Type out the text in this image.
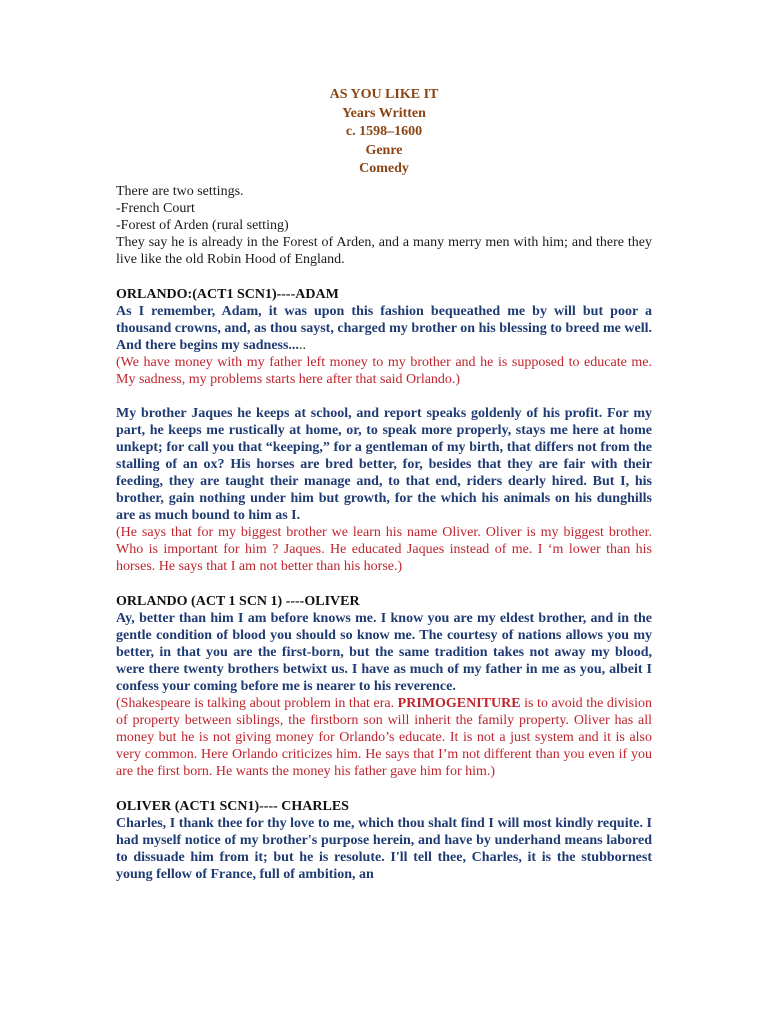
AS YOU LIKE IT
Years Written
c. 1598–1600
Genre
Comedy

There are two settings.

-French Court

-Forest of Arden (rural setting)

They say he is already in the Forest of Arden, and a many merry men with him; and there they live like the old Robin Hood of England.

ORLANDO:(ACT1 SCN1)----ADAM

As I remember, Adam, it was upon this fashion bequeathed me by will but poor a thousand crowns, and, as thou sayst, charged my brother on his blessing to breed me well. And there begins my sadness.....

(We have money with my father left money to my brother and he is supposed to educate me. My sadness, my problems starts here after that said Orlando.)

My brother Jaques he keeps at school, and report speaks goldenly of his profit. For my part, he keeps me rustically at home, or, to speak more properly, stays me here at home unkept; for call you that “keeping,” for a gentleman of my birth, that differs not from the stalling of an ox? His horses are bred better, for, besides that they are fair with their feeding, they are taught their manage and, to that end, riders dearly hired. But I, his brother, gain nothing under him but growth, for the which his animals on his dunghills are as much bound to him as I.

(He says that for my biggest brother we learn his name Oliver. Oliver is my biggest brother. Who is important for him ? Jaques. He educated Jaques instead of me. I ‘m lower than his horses. He says that I am not better than his horse.)

ORLANDO (ACT 1 SCN 1) ----OLIVER

Ay, better than him I am before knows me. I know you are my eldest brother, and in the gentle condition of blood you should so know me. The courtesy of nations allows you my better, in that you are the first-born, but the same tradition takes not away my blood, were there twenty brothers betwixt us. I have as much of my father in me as you, albeit I confess your coming before me is nearer to his reverence.

(Shakespeare is talking about problem in that era. PRIMOGENITURE is to avoid the division of property between siblings, the firstborn son will inherit the family property. Oliver has all money but he is not giving money for Orlando’s educate. It is not a just system and it is also very common. Here Orlando criticizes him. He says that I’m not different than you even if you are the first born. He wants the money his father gave him for him.)

OLIVER (ACT1 SCN1)---- CHARLES

Charles, I thank thee for thy love to me, which thou shalt find I will most kindly requite. I had myself notice of my brother's purpose herein, and have by underhand means labored to dissuade him from it; but he is resolute. I'll tell thee, Charles, it is the stubbornest young fellow of France, full of ambition, an
